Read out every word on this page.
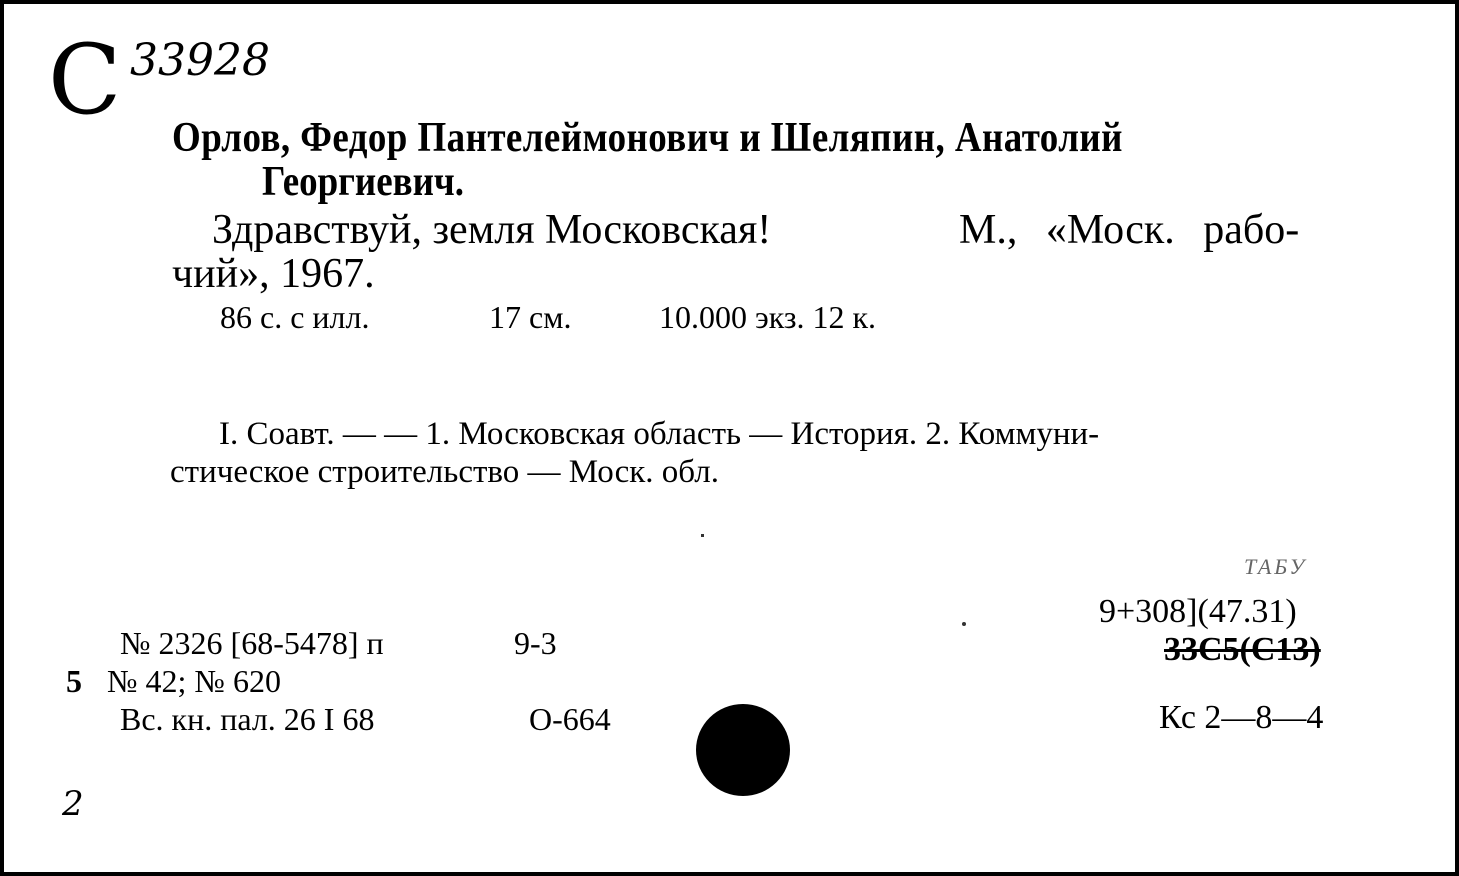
С 33928
Орлов, Федор Пантелеймонович и Шеляпин, Анатолий
Георгиевич.
Здравствуй, земля Московская!	М., «Моск. рабо-
чий», 1967.
86 с. с илл.	17 см.	10.000 экз. 12 к.
I. Соавт. — — 1. Московская область — История. 2. Коммуни-
стическое строительство — Моск. обл.
ТАБУ
9+308](47.31)
33С5(С13)
Кс 2—8—4
№ 2326 [68-5478] п	9-3
5 № 42; № 620
Вс. кн. пал. 26 I 68	О-664
2
